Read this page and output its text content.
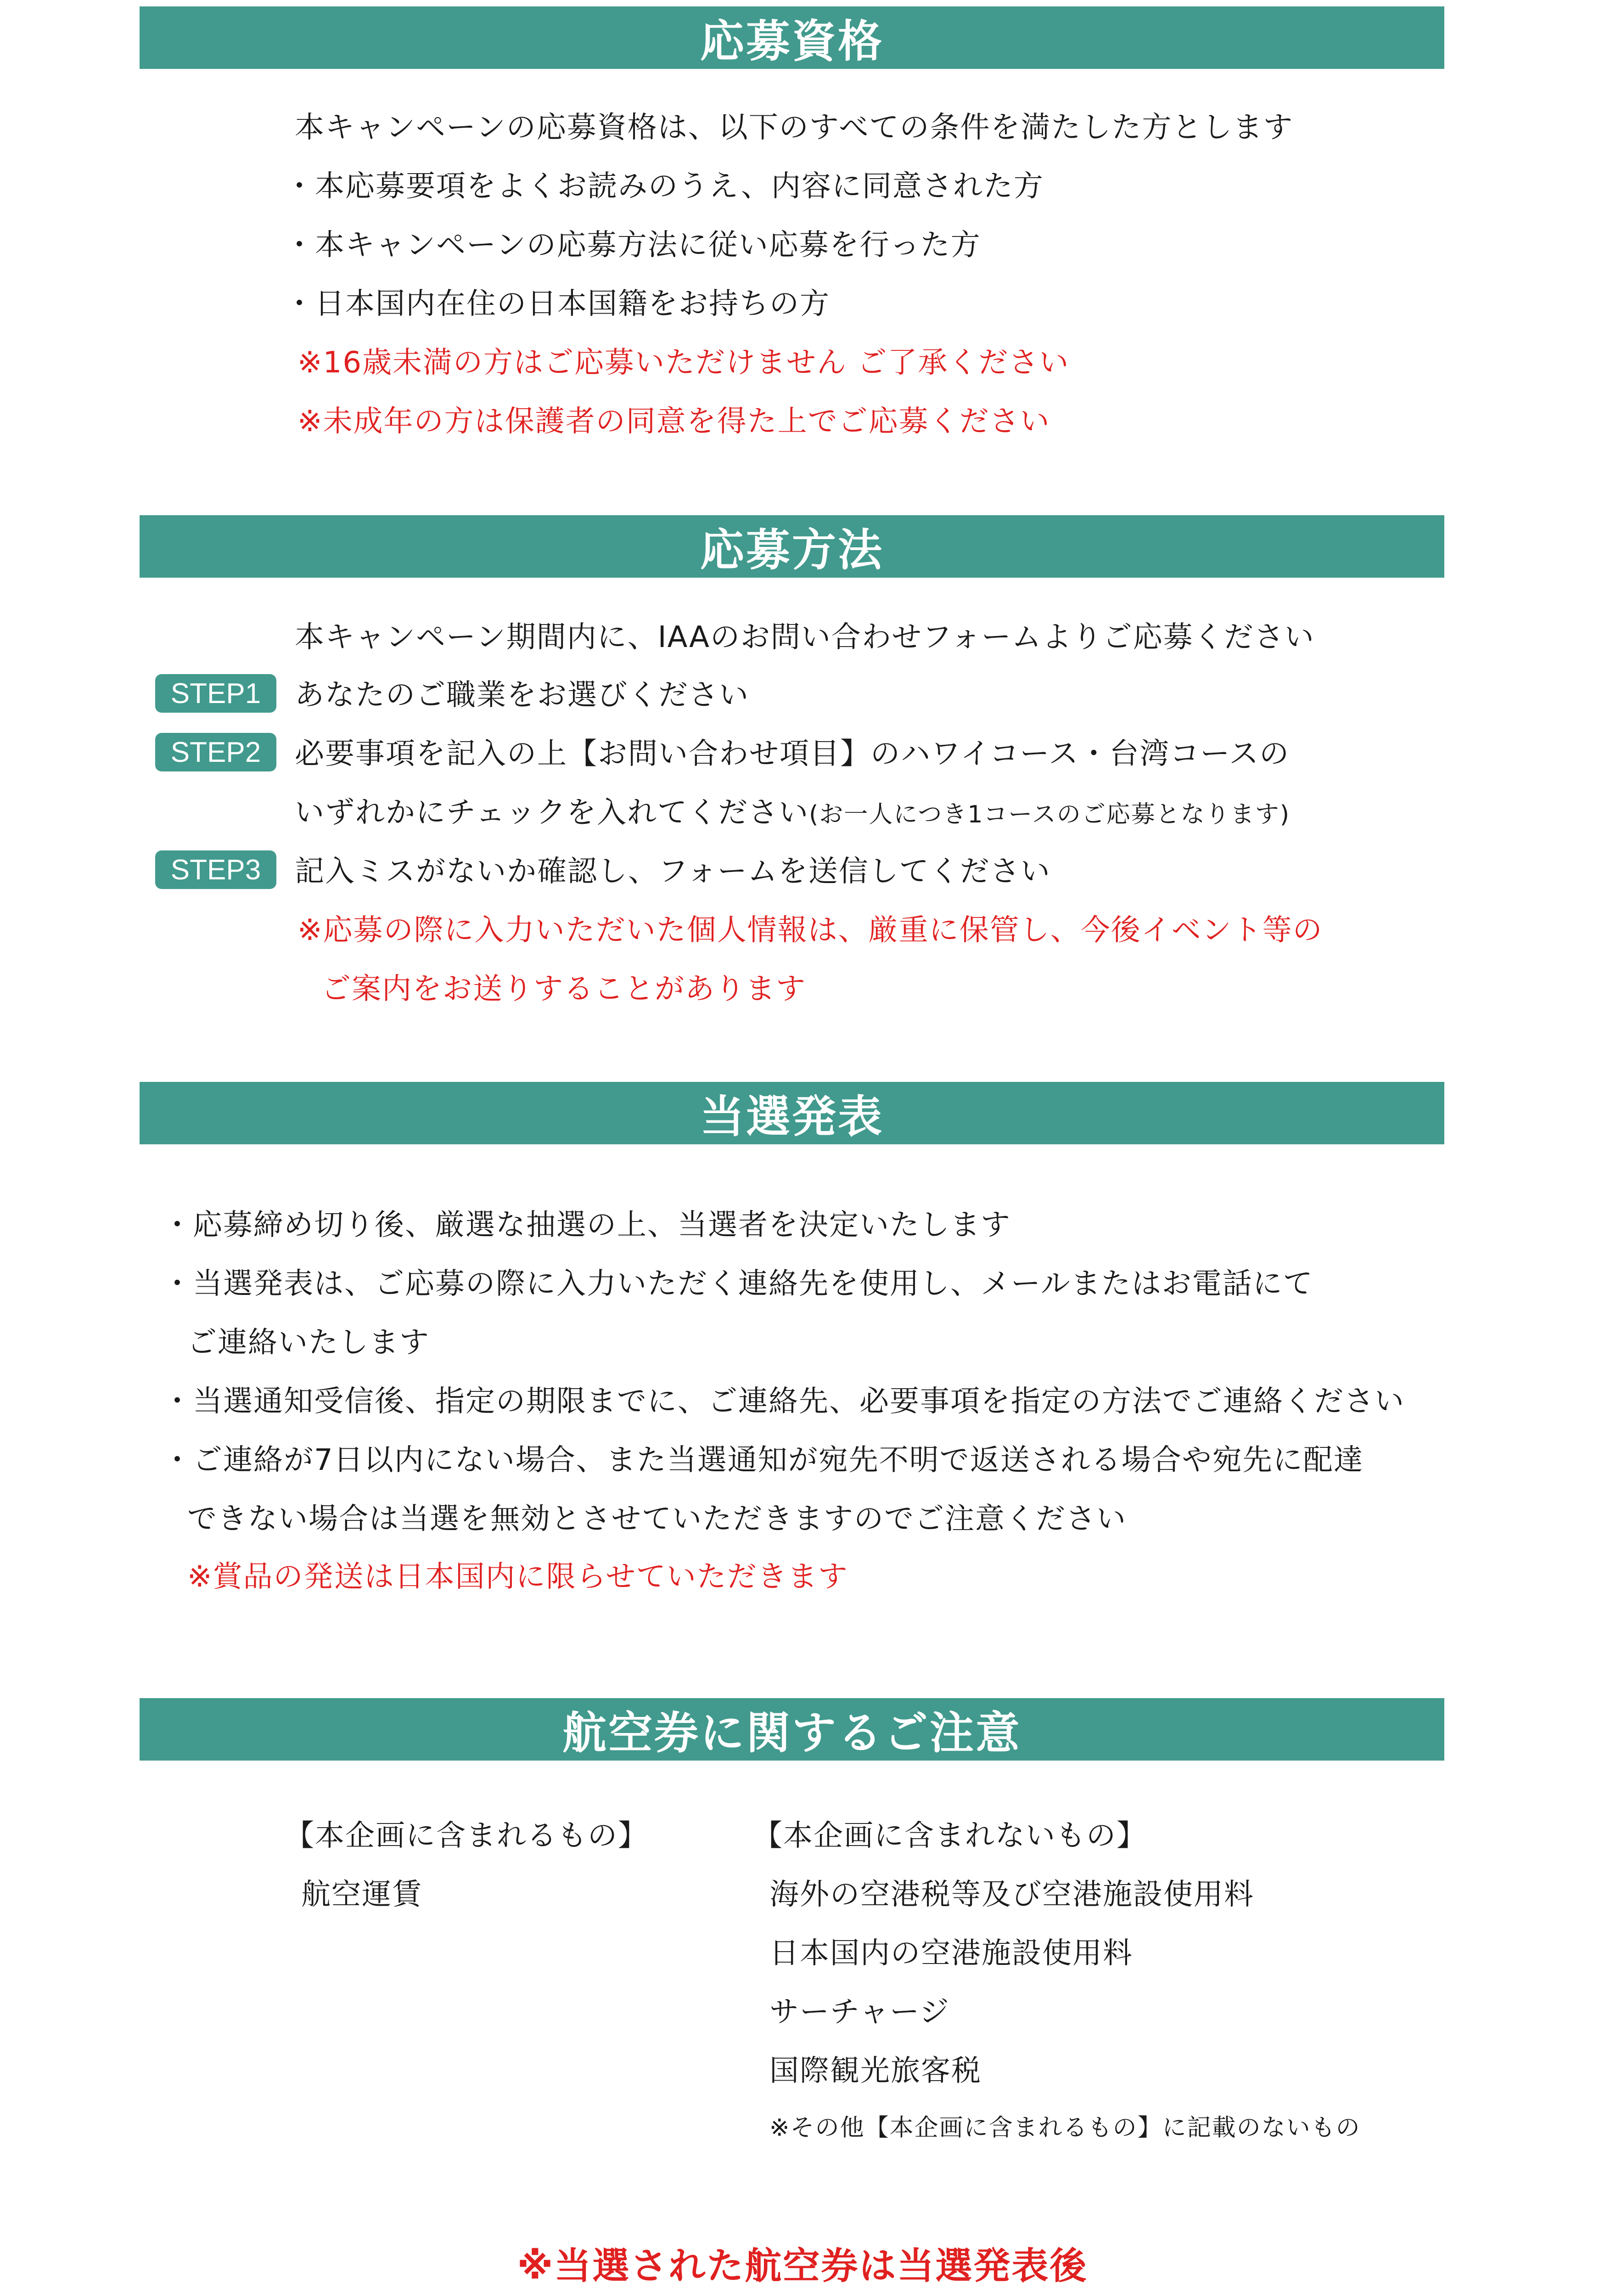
応募資格
本キャンペーンの応募資格は、以下のすべての条件を満たした方とします
・本応募要項をよくお読みのうえ、内容に同意された方
・本キャンペーンの応募方法に従い応募を行った方
・日本国内在住の日本国籍をお持ちの方
※16歳未満の方はご応募いただけません ご了承ください
※未成年の方は保護者の同意を得た上でご応募ください
応募方法
本キャンペーン期間内に、IAAのお問い合わせフォームよりご応募ください
STEP1	あなたのご職業をお選びください
STEP2	必要事項を記入の上【お問い合わせ項目】のハワイコース・台湾コースの
いずれかにチェックを入れてください(お一人につき1コースのご応募となります)
STEP3	記入ミスがないか確認し、フォームを送信してください
※応募の際に入力いただいた個人情報は、厳重に保管し、今後イベント等の
ご案内をお送りすることがあります
当選発表
・応募締め切り後、厳選な抽選の上、当選者を決定いたします
・当選発表は、ご応募の際に入力いただく連絡先を使用し、メールまたはお電話にて
ご連絡いたします
・当選通知受信後、指定の期限までに、ご連絡先、必要事項を指定の方法でご連絡ください
・ご連絡が7日以内にない場合、また当選通知が宛先不明で返送される場合や宛先に配達
できない場合は当選を無効とさせていただきますのでご注意ください
※賞品の発送は日本国内に限らせていただきます
航空券に関するご注意
【本企画に含まれるもの】
航空運賃
【本企画に含まれないもの】
海外の空港税等及び空港施設使用料
日本国内の空港施設使用料
サーチャージ
国際観光旅客税
※その他【本企画に含まれるもの】に記載のないもの
※当選された航空券は当選発表後
